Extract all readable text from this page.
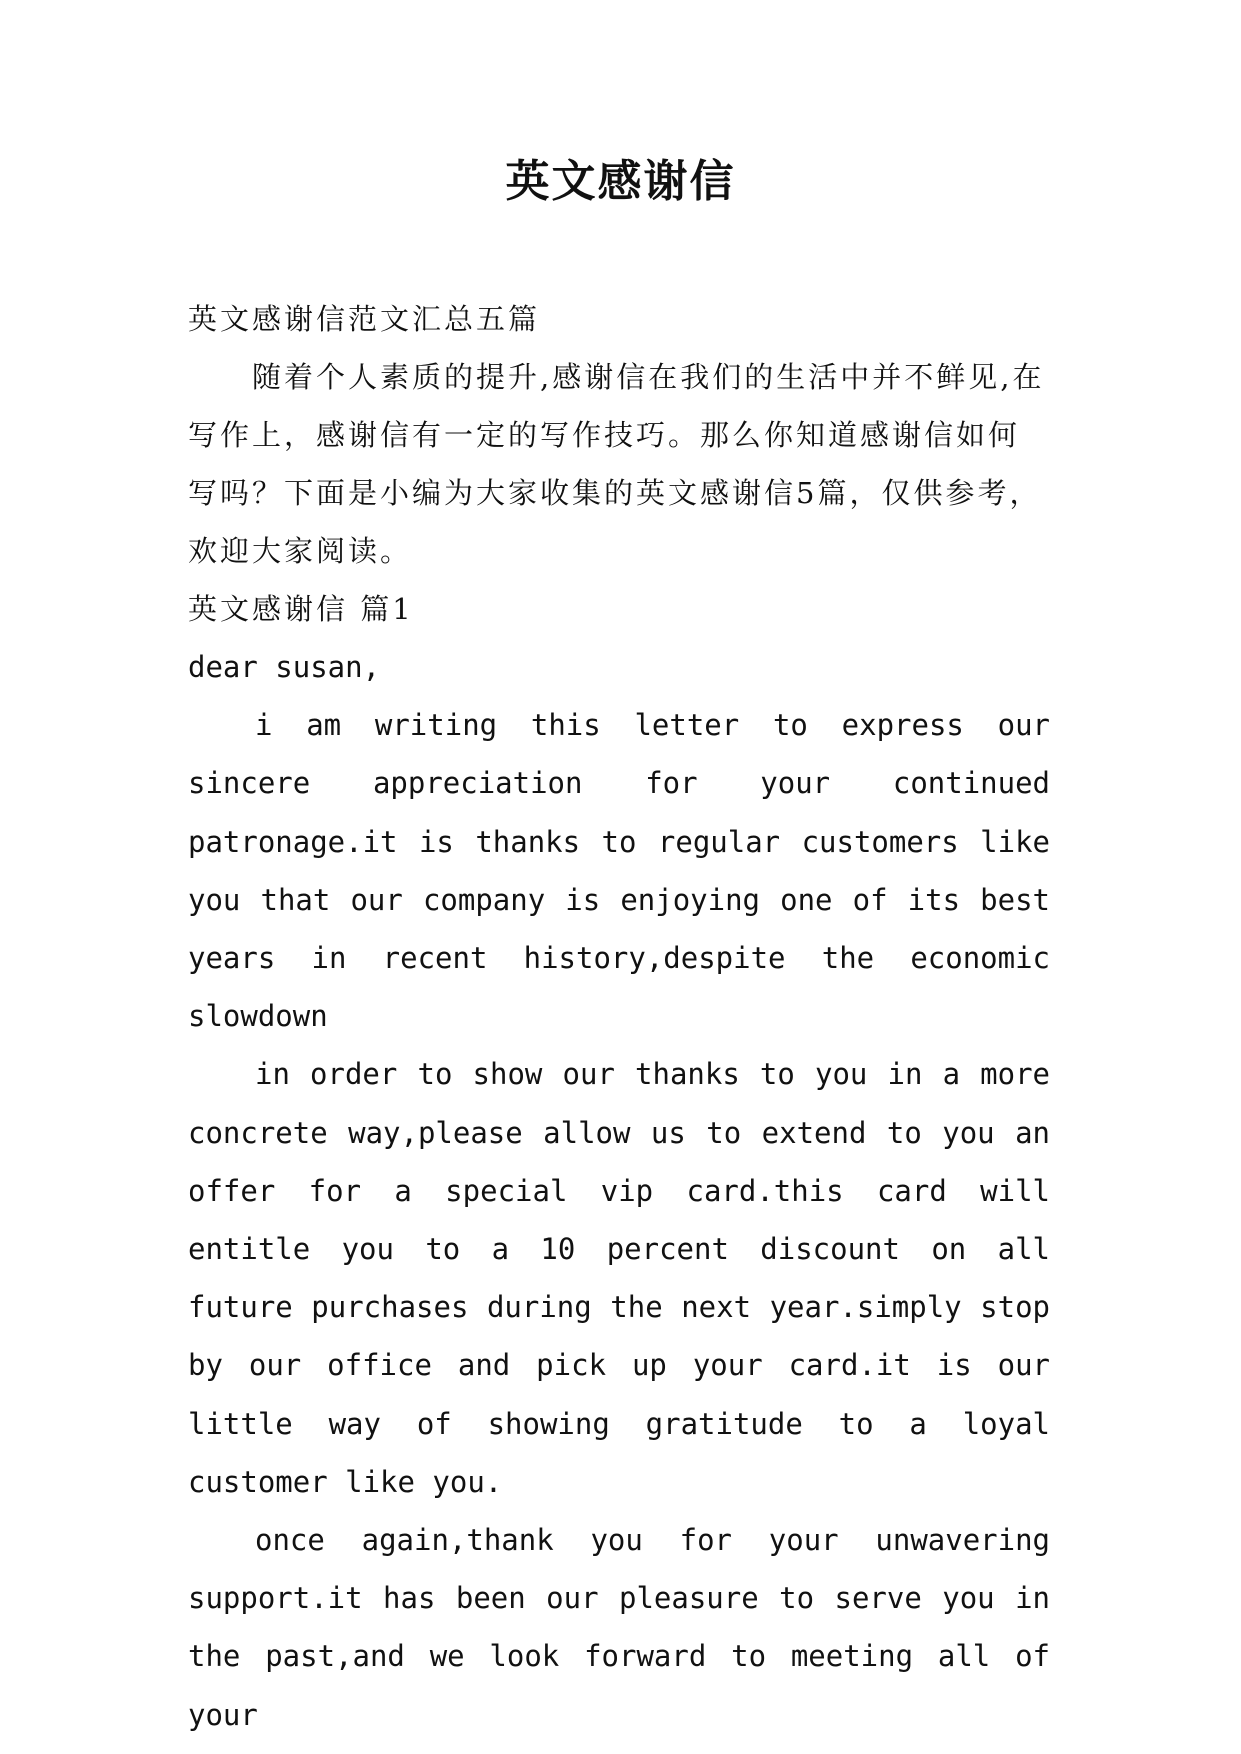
英文感谢信

英文感谢信范文汇总五篇

随着个人素质的提升,感谢信在我们的生活中并不鲜见,在写作上，感谢信有一定的写作技巧。那么你知道感谢信如何写吗？下面是小编为大家收集的英文感谢信5篇，仅供参考，欢迎大家阅读。

英文感谢信 篇1

dear susan,

i am writing this letter to express our sincere appreciation for your continued patronage.it is thanks to regular customers like you that our company is enjoying one of its best years in recent history,despite the economic slowdown

in order to show our thanks to you in a more concrete way,please allow us to extend to you an offer for a special vip card.this card will entitle you to a 10 percent discount on all future purchases during the next year.simply stop by our office and pick up your card.it is our little way of showing gratitude to a loyal customer like you.

once again,thank you for your unwavering support.it has been our pleasure to serve you in the past,and we look forward to meeting all of your
